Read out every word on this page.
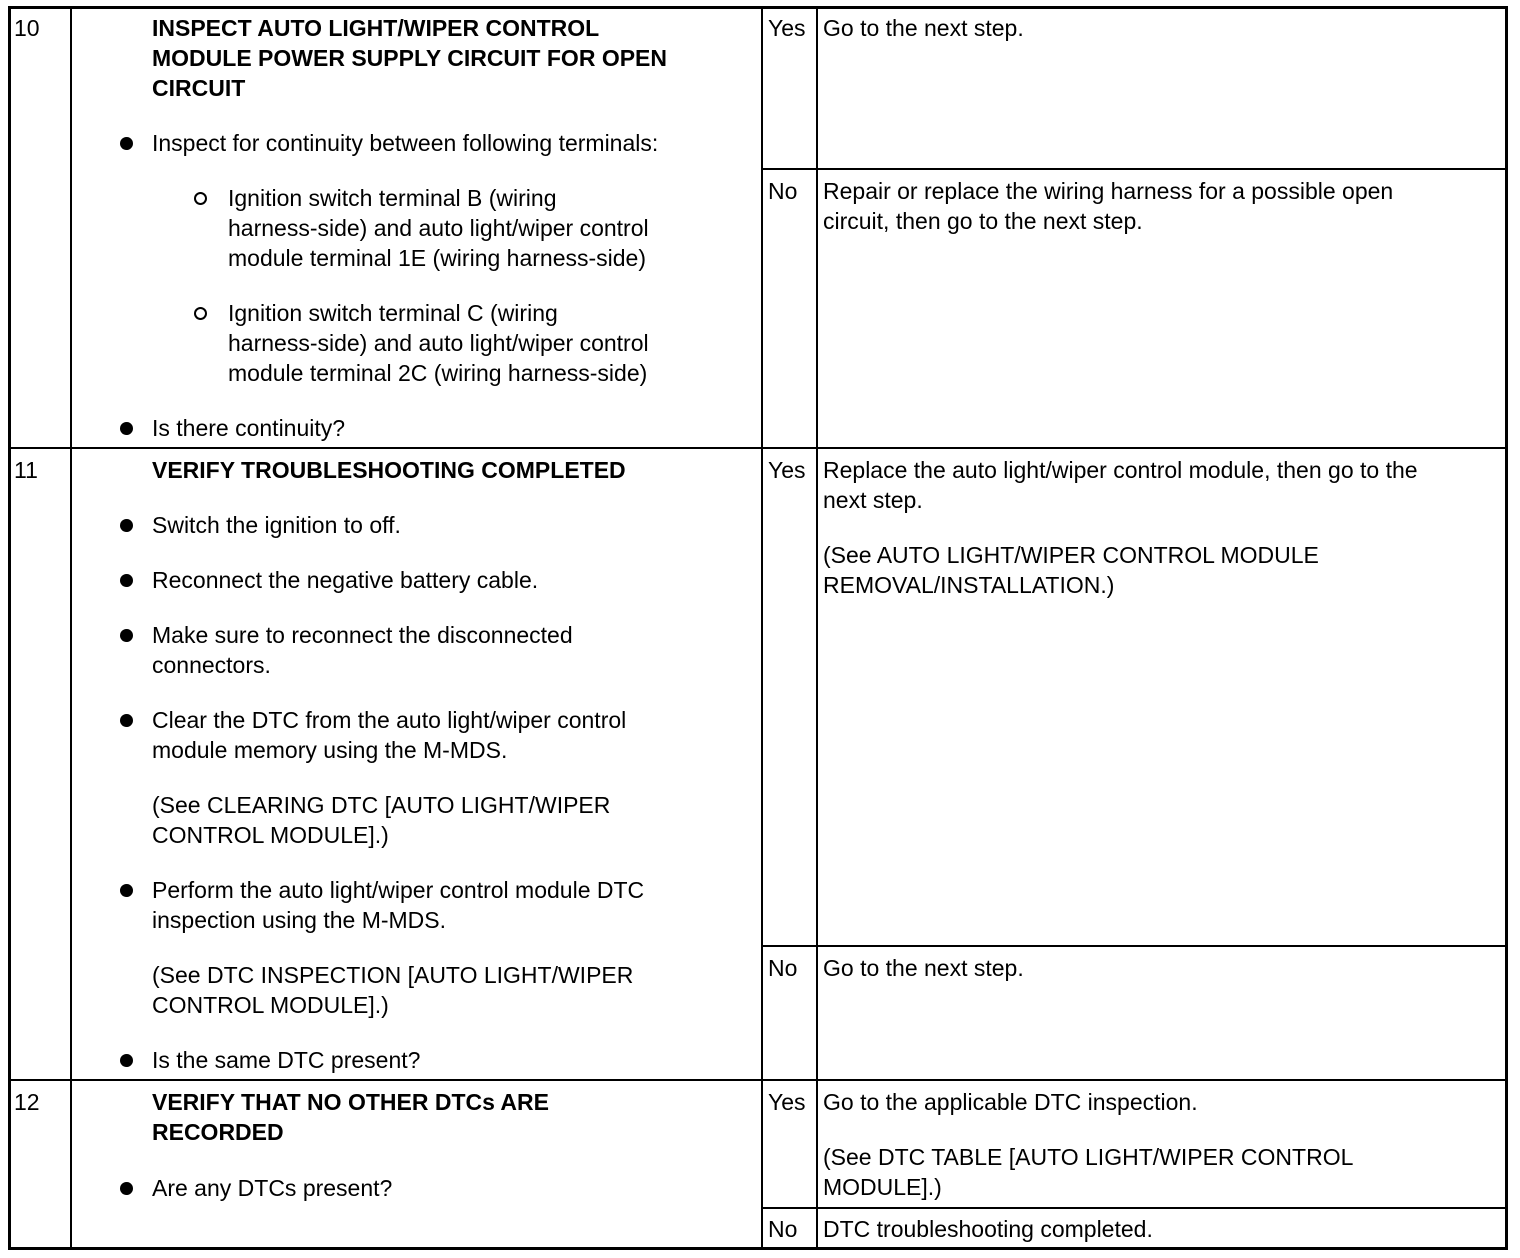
10	INSPECT AUTO LIGHT/WIPER CONTROL
MODULE POWER SUPPLY CIRCUIT FOR OPEN
CIRCUIT
Inspect for continuity between following terminals:
Ignition switch terminal B (wiring
harness-side) and auto light/wiper control
module terminal 1E (wiring harness-side)
Ignition switch terminal C (wiring
harness-side) and auto light/wiper control
module terminal 2C (wiring harness-side)
Is there continuity?
Yes Go to the next step.
No Repair or replace the wiring harness for a possible open
circuit, then go to the next step.
11	VERIFY TROUBLESHOOTING COMPLETED
Switch the ignition to off.
Reconnect the negative battery cable.
Make sure to reconnect the disconnected
connectors.
Clear the DTC from the auto light/wiper control
module memory using the M-MDS.
(See CLEARING DTC [AUTO LIGHT/WIPER
CONTROL MODULE].)
Perform the auto light/wiper control module DTC
inspection using the M-MDS.
(See DTC INSPECTION [AUTO LIGHT/WIPER
CONTROL MODULE].)
Is the same DTC present?
Yes Replace the auto light/wiper control module, then go to the
next step.
(See AUTO LIGHT/WIPER CONTROL MODULE
REMOVAL/INSTALLATION.)
No Go to the next step.
12	VERIFY THAT NO OTHER DTCs ARE
RECORDED
Are any DTCs present?
Yes Go to the applicable DTC inspection.
(See DTC TABLE [AUTO LIGHT/WIPER CONTROL
MODULE].)
No DTC troubleshooting completed.
